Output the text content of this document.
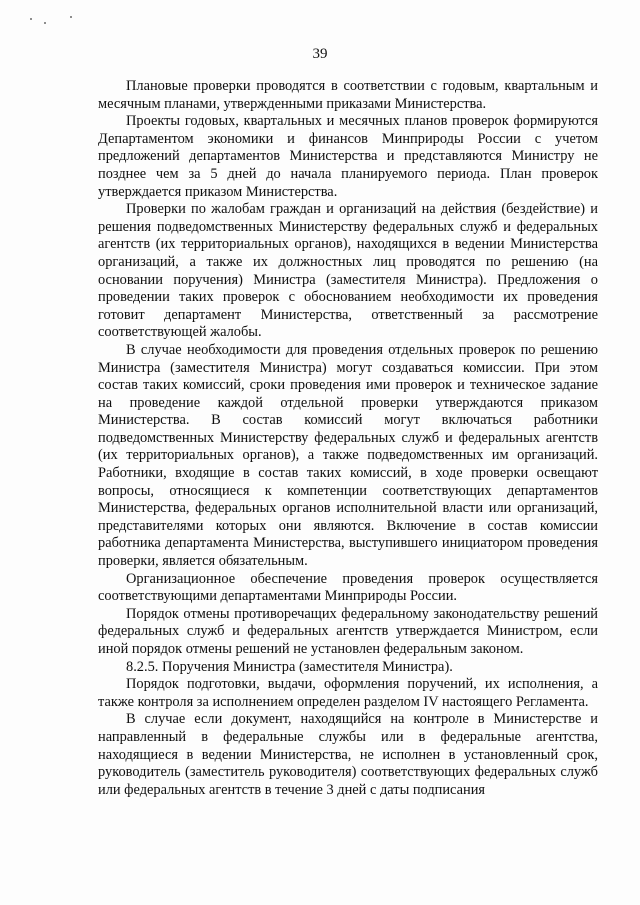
39

Плановые проверки проводятся в соответствии с годовым, квартальным и месячным планами, утвержденными приказами Министерства.

Проекты годовых, квартальных и месячных планов проверок формируются Департаментом экономики и финансов Минприроды России с учетом предложений департаментов Министерства и представляются Министру не позднее чем за 5 дней до начала планируемого периода. План проверок утверждается приказом Министерства.

Проверки по жалобам граждан и организаций на действия (бездействие) и решения подведомственных Министерству федеральных служб и федеральных агентств (их территориальных органов), находящихся в ведении Министерства организаций, а также их должностных лиц проводятся по решению (на основании поручения) Министра (заместителя Министра). Предложения о проведении таких проверок с обоснованием необходимости их проведения готовит департамент Министерства, ответственный за рассмотрение соответствующей жалобы.

В случае необходимости для проведения отдельных проверок по решению Министра (заместителя Министра) могут создаваться комиссии. При этом состав таких комиссий, сроки проведения ими проверок и техническое задание на проведение каждой отдельной проверки утверждаются приказом Министерства. В состав комиссий могут включаться работники подведомственных Министерству федеральных служб и федеральных агентств (их территориальных органов), а также подведомственных им организаций. Работники, входящие в состав таких комиссий, в ходе проверки освещают вопросы, относящиеся к компетенции соответствующих департаментов Министерства, федеральных органов исполнительной власти или организаций, представителями которых они являются. Включение в состав комиссии работника департамента Министерства, выступившего инициатором проведения проверки, является обязательным.

Организационное обеспечение проведения проверок осуществляется соответствующими департаментами Минприроды России.

Порядок отмены противоречащих федеральному законодательству решений федеральных служб и федеральных агентств утверждается Министром, если иной порядок отмены решений не установлен федеральным законом.

8.2.5. Поручения Министра (заместителя Министра).

Порядок подготовки, выдачи, оформления поручений, их исполнения, а также контроля за исполнением определен разделом IV настоящего Регламента.

В случае если документ, находящийся на контроле в Министерстве и направленный в федеральные службы или в федеральные агентства, находящиеся в ведении Министерства, не исполнен в установленный срок, руководитель (заместитель руководителя) соответствующих федеральных служб или федеральных агентств в течение 3 дней с даты подписания
